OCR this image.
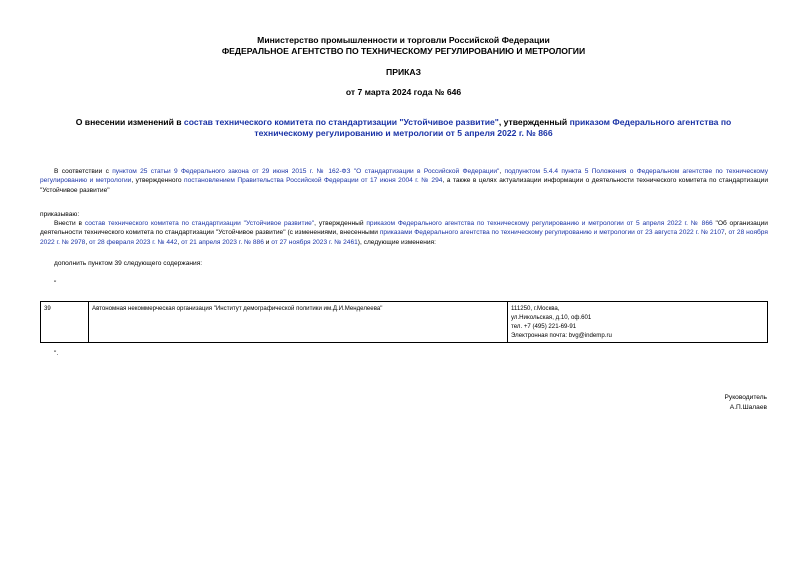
Министерство промышленности и торговли Российской Федерации
ФЕДЕРАЛЬНОЕ АГЕНТСТВО ПО ТЕХНИЧЕСКОМУ РЕГУЛИРОВАНИЮ И МЕТРОЛОГИИ
ПРИКАЗ
от 7 марта 2024 года № 646
О внесении изменений в состав технического комитета по стандартизации "Устойчивое развитие", утвержденный приказом Федерального агентства по техническому регулированию и метрологии от 5 апреля 2022 г. № 866
В соответствии с пунктом 25 статьи 9 Федерального закона от 29 июня 2015 г. № 162-ФЗ "О стандартизации в Российской Федерации", подпунктом 5.4.4 пункта 5 Положения о Федеральном агентстве по техническому регулированию и метрологии, утвержденного постановлением Правительства Российской Федерации от 17 июня 2004 г. № 294, а также в целях актуализации информации о деятельности технического комитета по стандартизации "Устойчивое развитие"
приказываю:
Внести в состав технического комитета по стандартизации "Устойчивое развитие", утвержденный приказом Федерального агентства по техническому регулированию и метрологии от 5 апреля 2022 г. № 866 "Об организации деятельности технического комитета по стандартизации "Устойчивое развитие" (с изменениями, внесенными приказами Федерального агентства по техническому регулированию и метрологии от 23 августа 2022 г. № 2107, от 28 ноября 2022 г. № 2978, от 28 февраля 2023 г. № 442, от 21 апреля 2023 г. № 886 и от 27 ноября 2023 г. № 2461), следующие изменения:
дополнить пунктом 39 следующего содержания:
"
39	Автономная некоммерческая организация "Институт демографической политики им.Д.И.Менделеева"	111250, г.Москва,
ул.Никольская, д.10, оф.601
тел. +7 (495) 221-69-91
Электронная почта: bvg@indemp.ru
".
Руководитель
А.П.Шалаев
